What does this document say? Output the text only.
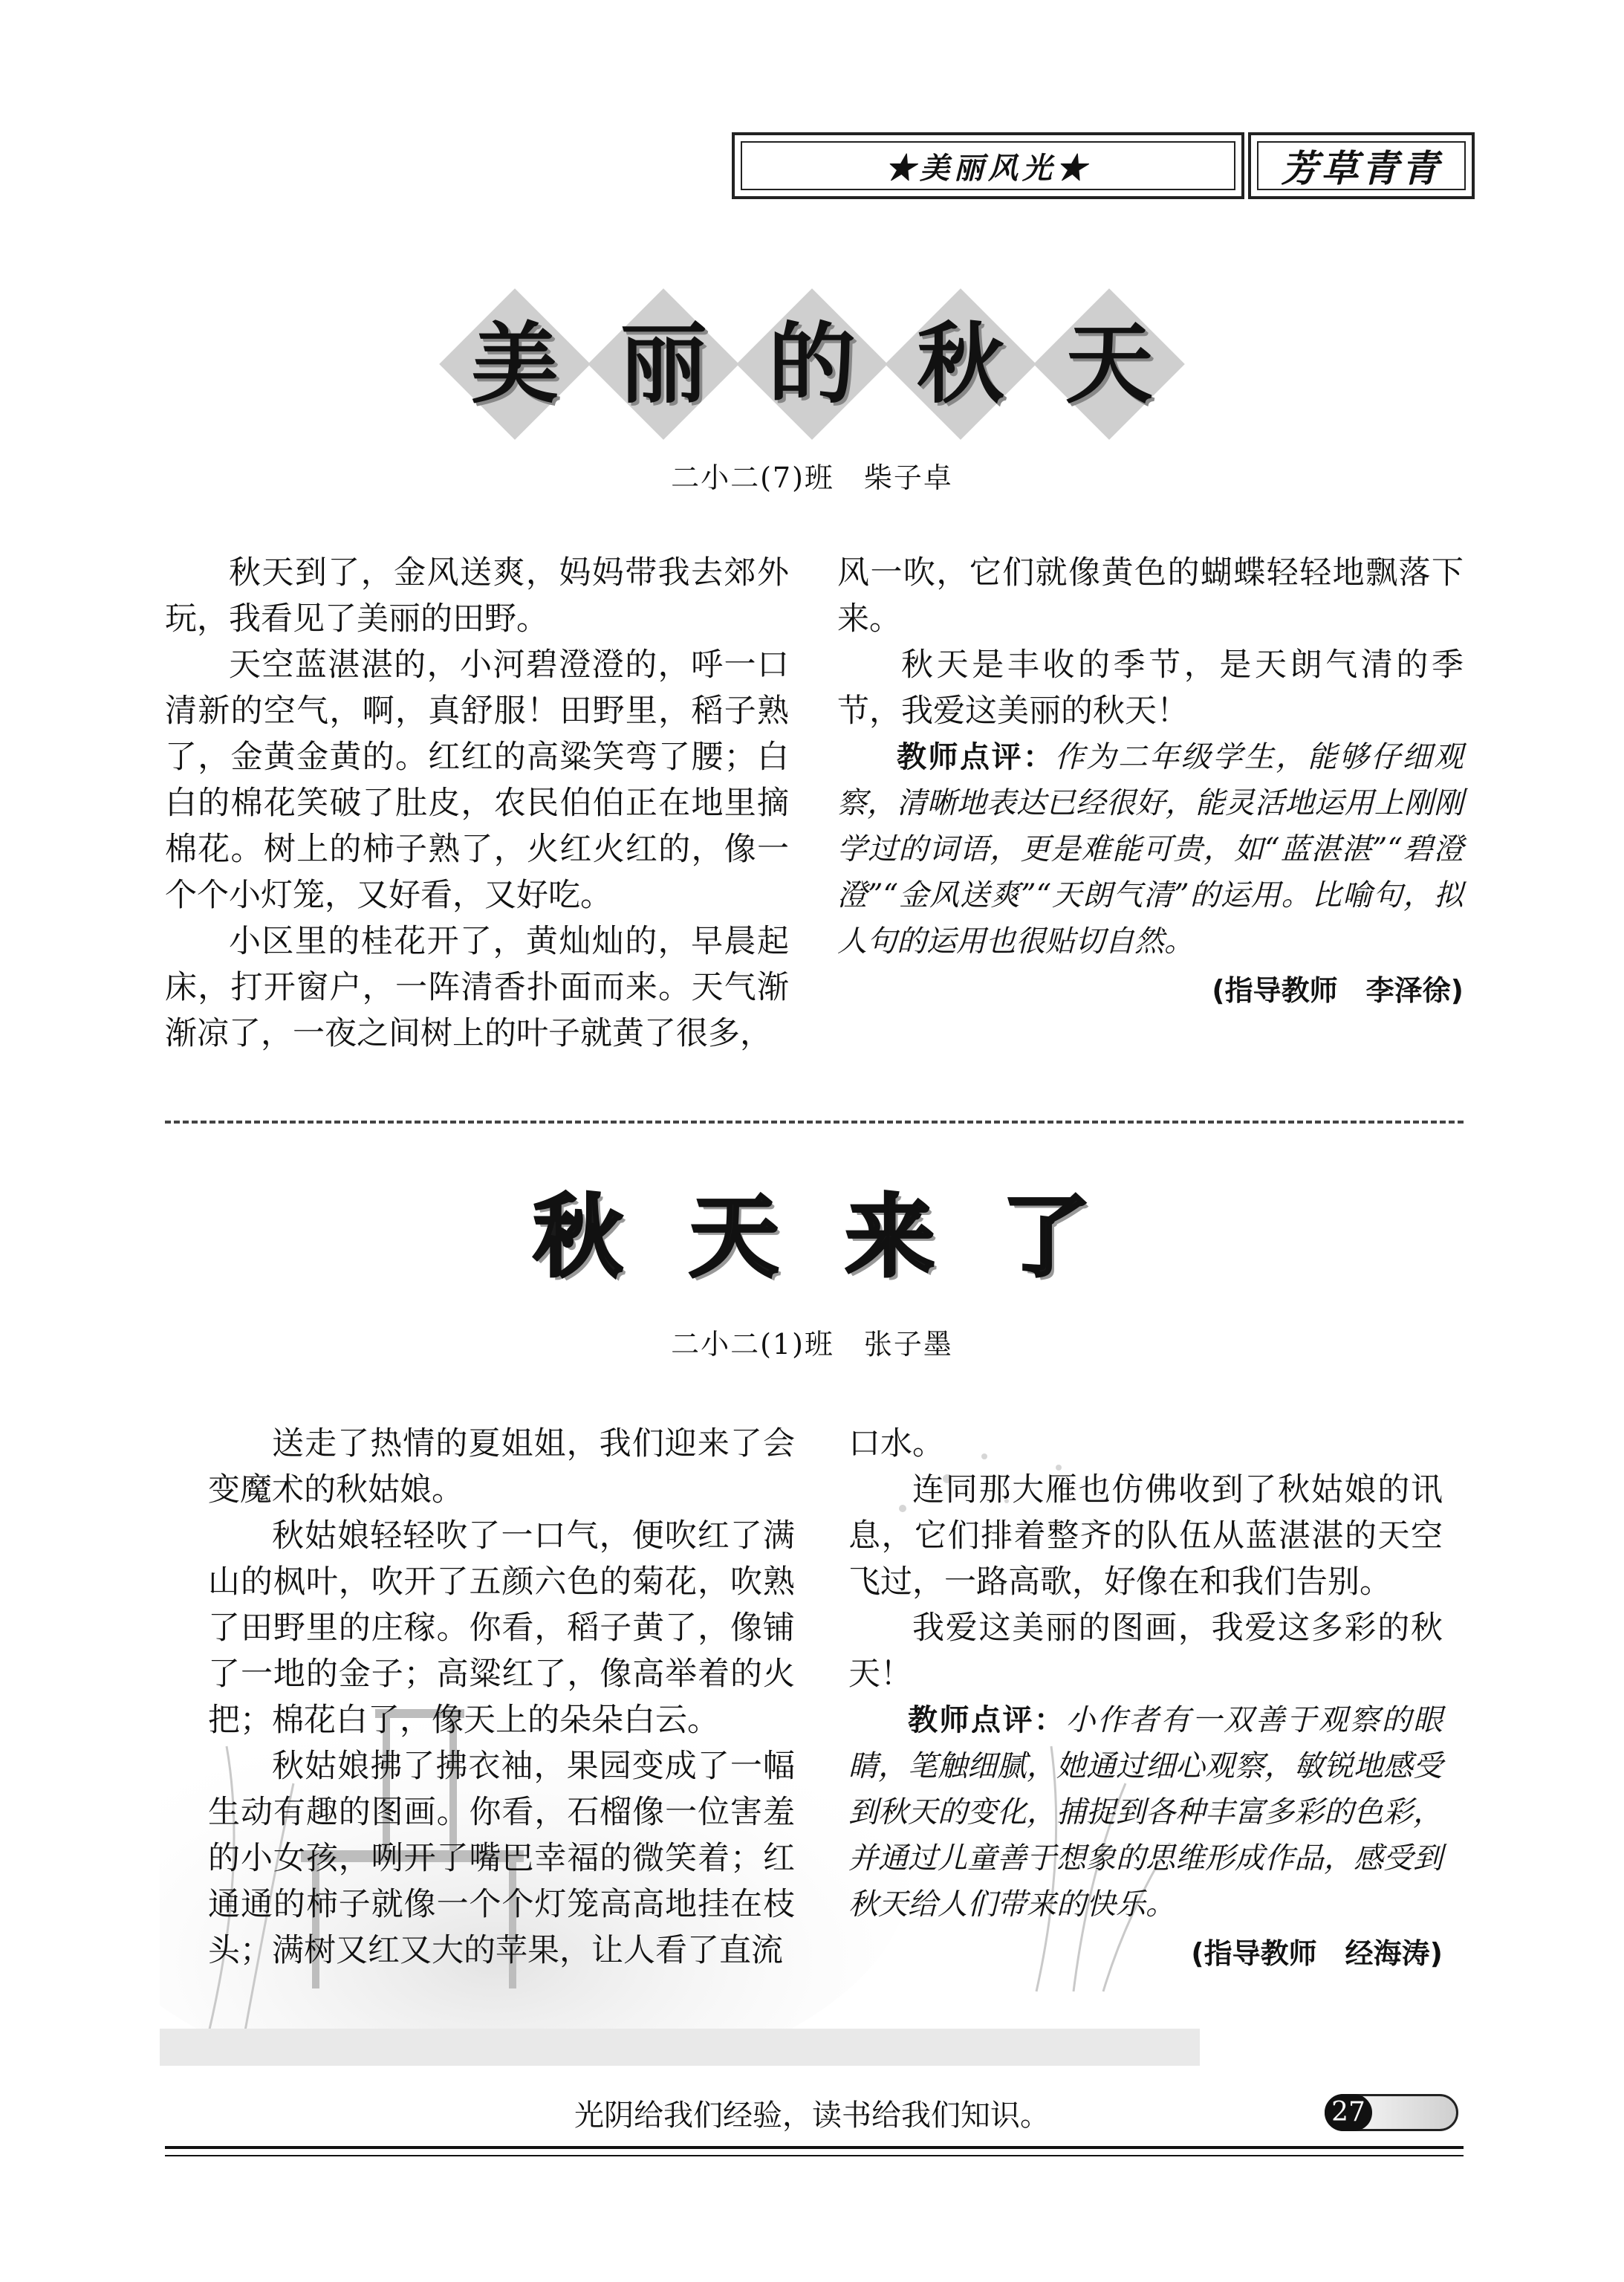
★美丽风光★	芳草青青
美 丽 的 秋 天
二小二(7)班　柴子卓

秋天到了，金风送爽，妈妈带我去郊外玩，我看见了美丽的田野。

天空蓝湛湛的，小河碧澄澄的，呼一口清新的空气，啊，真舒服！田野里，稻子熟了，金黄金黄的。红红的高粱笑弯了腰；白白的棉花笑破了肚皮，农民伯伯正在地里摘棉花。树上的柿子熟了，火红火红的，像一个个小灯笼，又好看，又好吃。

小区里的桂花开了，黄灿灿的，早晨起床，打开窗户，一阵清香扑面而来。天气渐渐凉了，一夜之间树上的叶子就黄了很多，

风一吹，它们就像黄色的蝴蝶轻轻地飘落下来。

秋天是丰收的季节，是天朗气清的季节，我爱这美丽的秋天！

教师点评：作为二年级学生，能够仔细观察，清晰地表达已经很好，能灵活地运用上刚刚学过的词语，更是难能可贵，如“蓝湛湛”“碧澄澄”“金风送爽”“天朗气清”的运用。比喻句，拟人句的运用也很贴切自然。

(指导教师　李泽徐)
秋 天 来 了
二小二(1)班　张子墨

送走了热情的夏姐姐，我们迎来了会变魔术的秋姑娘。

秋姑娘轻轻吹了一口气，便吹红了满山的枫叶，吹开了五颜六色的菊花，吹熟了田野里的庄稼。你看，稻子黄了，像铺了一地的金子；高粱红了，像高举着的火把；棉花白了，像天上的朵朵白云。

秋姑娘拂了拂衣袖，果园变成了一幅生动有趣的图画。你看，石榴像一位害羞的小女孩，咧开了嘴巴幸福的微笑着；红通通的柿子就像一个个灯笼高高地挂在枝头；满树又红又大的苹果，让人看了直流

口水。

连同那大雁也仿佛收到了秋姑娘的讯息，它们排着整齐的队伍从蓝湛湛的天空飞过，一路高歌，好像在和我们告别。

我爱这美丽的图画，我爱这多彩的秋天！

教师点评：小作者有一双善于观察的眼睛，笔触细腻，她通过细心观察，敏锐地感受到秋天的变化，捕捉到各种丰富多彩的色彩，并通过儿童善于想象的思维形成作品，感受到秋天给人们带来的快乐。

(指导教师　经海涛)
光阴给我们经验，读书给我们知识。	27
